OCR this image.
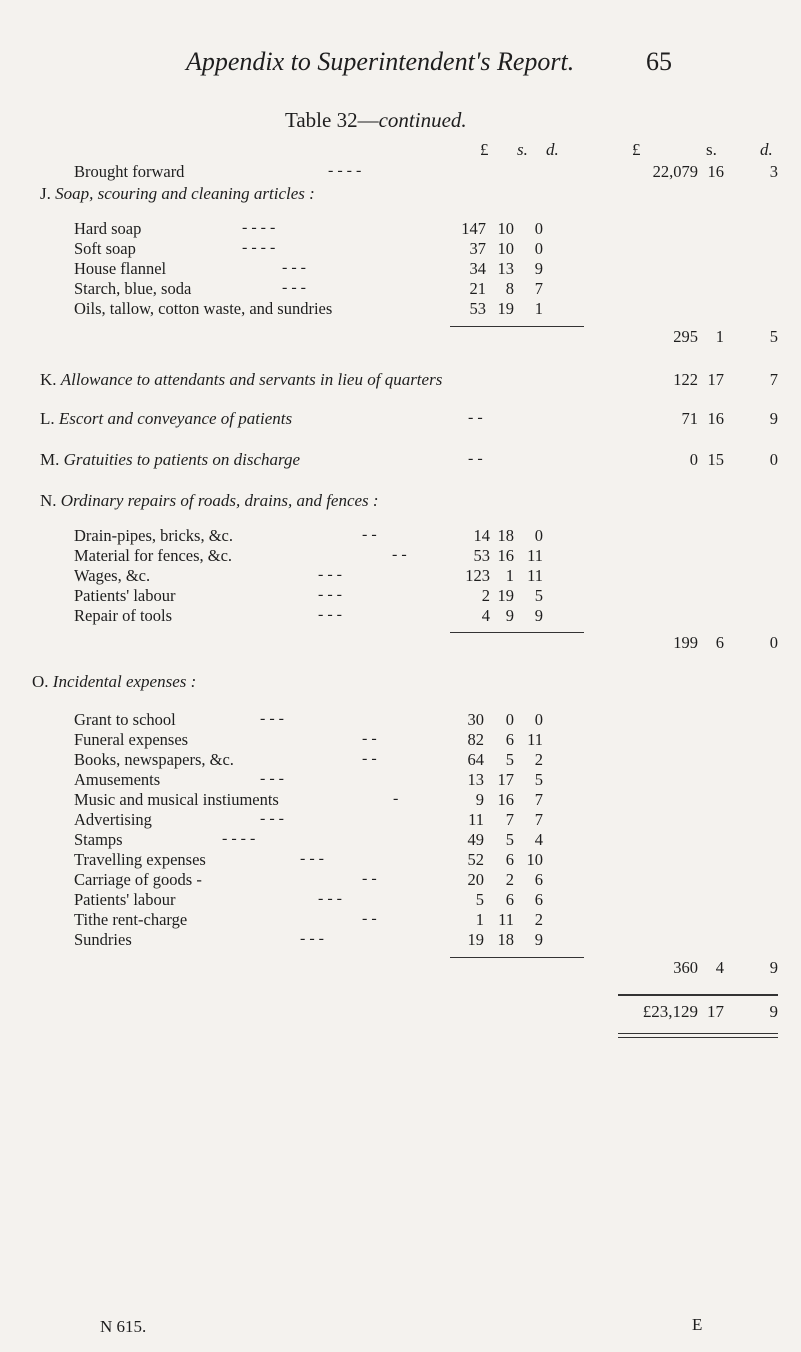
Appendix to Superintendent's Report.	65
Table 32—continued.
£ s. d.	£	s.	d.
Brought forward	- - - -	22,079 16	3
J. Soap, scouring and cleaning articles :
Hard soap	- - - -	147 10	0
Soft soap	- - - -	37 10	0
House flannel	- - -	34 13	9
Starch, blue, soda	- - -	21	8	7
Oils, tallow, cotton waste, and sundries	53 19	1
295	1	5
K. Allowance to attendants and servants in lieu of quarters	122 17	7
L. Escort and conveyance of patients	- -	71 16	9
M. Gratuities to patients on discharge	- -	0 15	0
N. Ordinary repairs of roads, drains, and fences :
Drain-pipes, bricks, &c.	- -	14 18	0
Material for fences, &c.	- -	53 16 11
Wages, &c.	- - -	123 1 11
Patients' labour	- - -	2 19	5
Repair of tools	- - -	4 9	9
199	6	0
O. Incidental expenses :
Grant to school	- - -	30	0	0
Funeral expenses	- -	82	6 11
Books, newspapers, &c.	- -	64	5	2
Amusements	- - -	13 17	5
Music and musical instiuments	-	9 16	7
Advertising	- - -	11	7	7
Stamps	- - - -	49	5	4
Travelling expenses	- - -	52	6 10
Carriage of goods -	- -	20	2	6
Patients' labour	- - -	5	6	6
Tithe rent-charge	- -	1 11	2
Sundries	- - -	19 18	9
360	4	9
£23,129 17	9
N 615.	E
